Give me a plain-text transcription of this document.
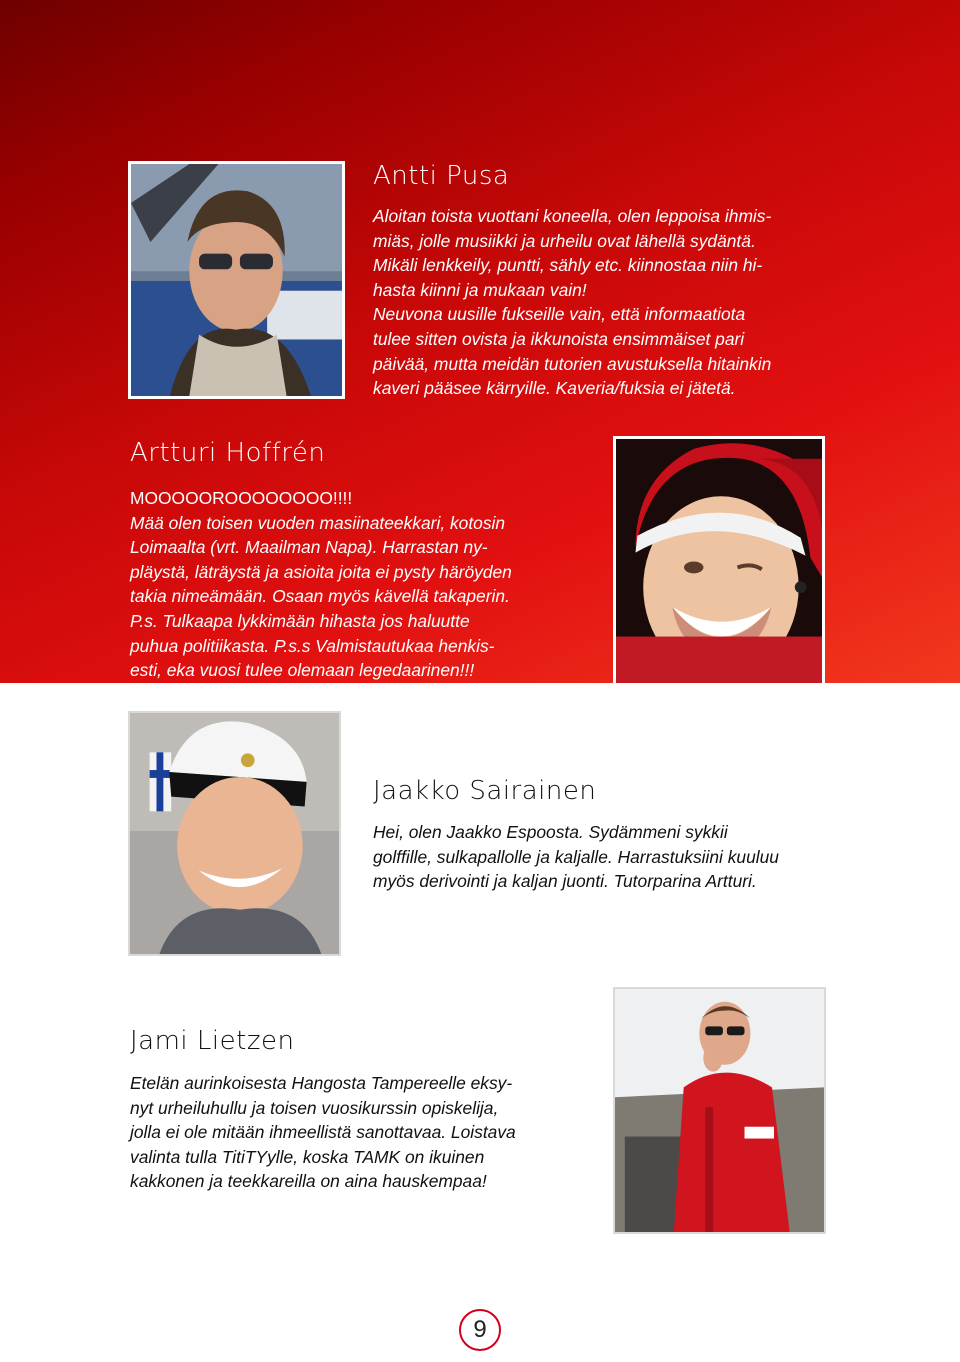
Antti Pusa
Aloitan toista vuottani koneella, olen leppoisa ihmis-
miäs, jolle musiikki ja urheilu ovat lähellä sydäntä.
Mikäli lenkkeily, puntti, sähly etc. kiinnostaa niin hi-
hasta kiinni ja mukaan vain!
Neuvona uusille fukseille vain, että informaatiota
tulee sitten ovista ja ikkunoista ensimmäiset pari
päivää, mutta meidän tutorien avustuksella hitainkin
kaveri pääsee kärryille. Kaveria/fuksia ei jätetä.
Artturi Hoffrén
MOOOOOROOOOOOOO!!!!
Mää olen toisen vuoden masiinateekkari, kotosin
Loimaalta (vrt. Maailman Napa). Harrastan ny-
pläystä, läträystä ja asioita joita ei pysty häröyden
takia nimeämään. Osaan myös kävellä takaperin.
P.s. Tulkaapa lykkimään hihasta jos haluutte
puhua politiikasta. P.s.s Valmistautukaa henkis-
esti, eka vuosi tulee olemaan legedaarinen!!!
Jaakko Sairainen
Hei, olen Jaakko Espoosta. Sydämmeni sykkii
golffille, sulkapallolle ja kaljalle. Harrastuksiini kuuluu
myös derivointi ja kaljan juonti. Tutorparina Artturi.
Jami Lietzen
Etelän aurinkoisesta Hangosta Tampereelle eksy-
nyt urheiluhullu ja toisen vuosikurssin opiskelija,
jolla ei ole mitään ihmeellistä sanottavaa. Loistava
valinta tulla TitiTYylle, koska TAMK on ikuinen
kakkonen ja teekkareilla on aina hauskempaa!
9
